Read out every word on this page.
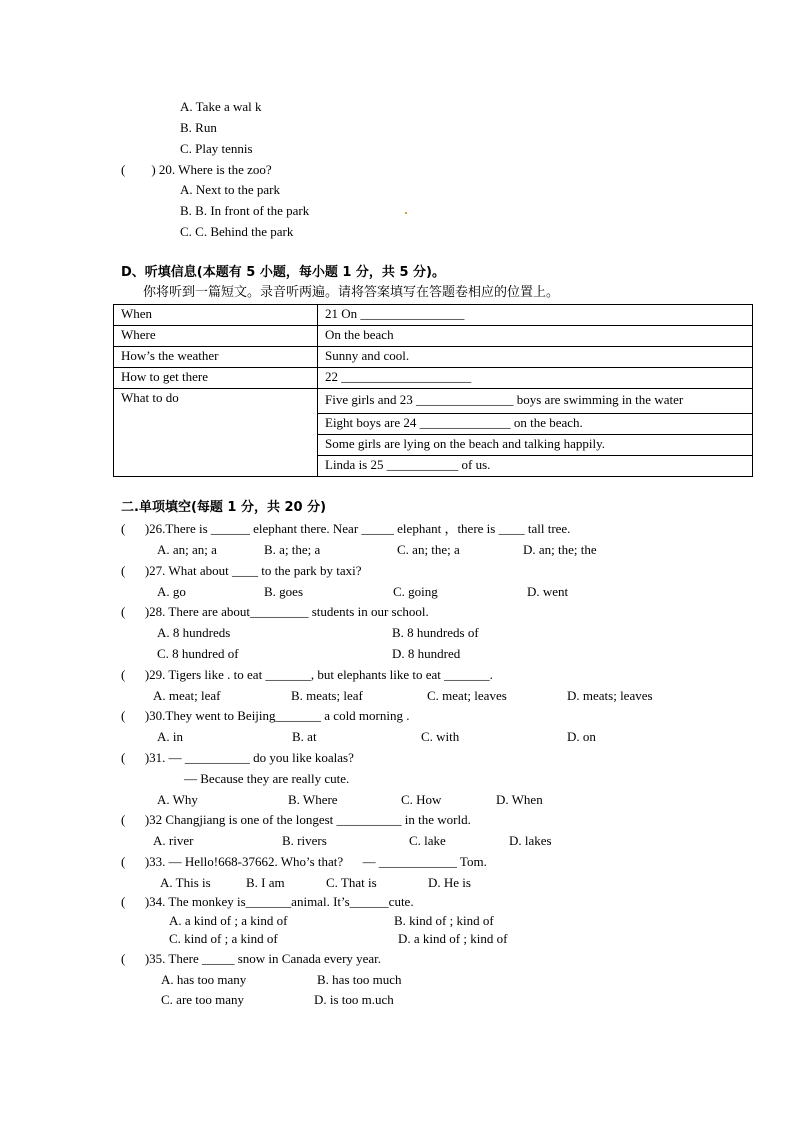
A. Take a wal k
B. Run
C. Play tennis
(        ) 20. Where is the zoo?
A. Next to the park
B. B. In front of the park
C. C. Behind the park
D、听填信息(本题有 5 小题，每小题 1 分，共 5 分)。
你将听到一篇短文。录音听两遍。请将答案填写在答题卷相应的位置上。
When	21 On ________________
Where	On the beach
How’s the weather	Sunny and cool.
How to get there	22 ____________________
What to do	Five girls and 23 _______________ boys are swimming in the water
	Eight boys are 24 ______________ on the beach.
	Some girls are lying on the beach and talking happily.
	Linda is 25 ___________ of us.
二.单项填空(每题 1 分，共 20 分)
(      )26.There is ______ elephant there. Near _____ elephant ，there is ____ tall tree.
A. an; an; a	B. a; the; a	C. an; the; a	D. an; the; the
(      )27. What about ____ to the park by taxi?
A. go	B. goes	C. going	D. went
(      )28. There are about_________ students in our school.
A. 8 hundreds	B. 8 hundreds of
C. 8 hundred of	D. 8 hundred
(      )29. Tigers like . to eat _______, but elephants like to eat _______.
A. meat; leaf	B. meats; leaf	C. meat; leaves	D. meats; leaves
(      )30.They went to Beijing_______ a cold morning .
A. in	B. at	C. with	D. on
(      )31. — __________ do you like koalas?
— Because they are really cute.
A. Why	B. Where	C. How	D. When
(      )32 Changjiang is one of the longest __________ in the world.
A. river	B. rivers	C. lake	D. lakes
(      )33. — Hello!668-37662. Who’s that?      — ____________ Tom.
A. This is	B. I am	C. That is	D. He is
(      )34. The monkey is_______animal. It’s______cute.
A. a kind of ; a kind of	B. kind of ; kind of
C. kind of ; a kind of	D. a kind of ; kind of
(      )35. There _____ snow in Canada every year.
A. has too many	B. has too much
C. are too many	D. is too m.uch
